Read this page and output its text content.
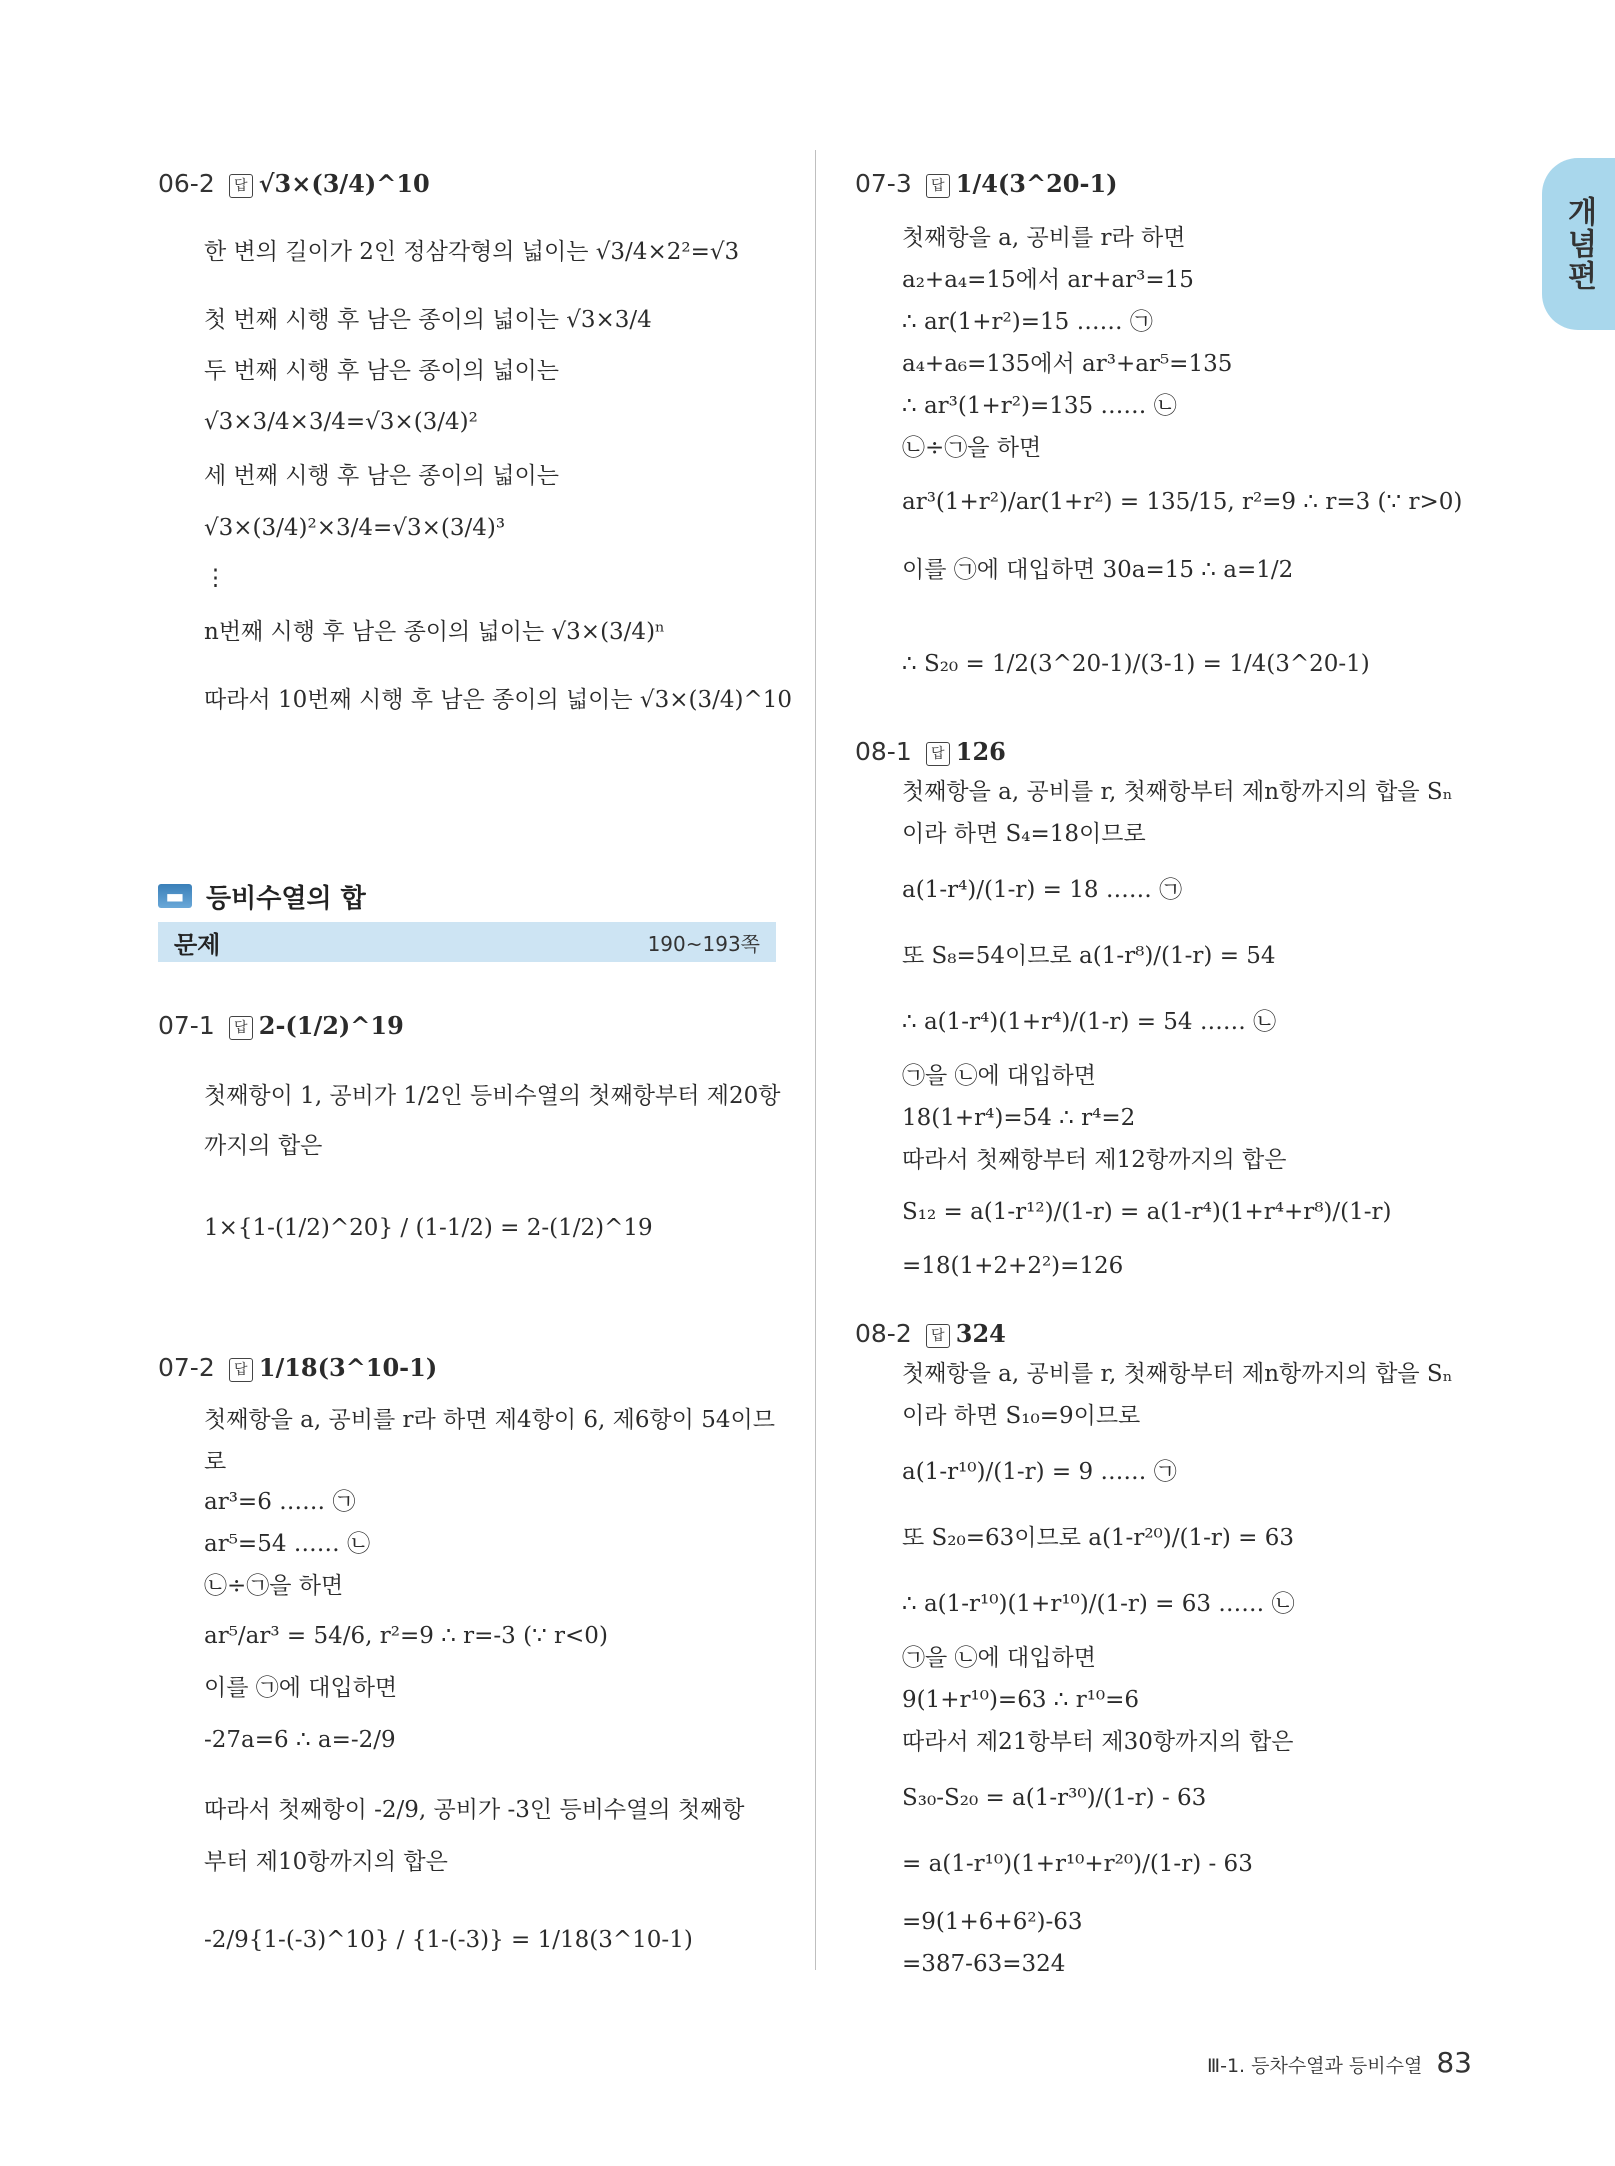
개념편
06-2 답 √3×(3/4)^10
한 변의 길이가 2인 정삼각형의 넓이는 √3/4×2²=√3
첫 번째 시행 후 남은 종이의 넓이는 √3×3/4
두 번째 시행 후 남은 종이의 넓이는
√3×3/4×3/4=√3×(3/4)²
세 번째 시행 후 남은 종이의 넓이는
√3×(3/4)²×3/4=√3×(3/4)³
⋮
n번째 시행 후 남은 종이의 넓이는 √3×(3/4)ⁿ
따라서 10번째 시행 후 남은 종이의 넓이는 √3×(3/4)^10
07-1 답 2-(1/2)^19
첫째항이 1, 공비가 1/2인 등비수열의 첫째항부터 제20항
까지의 합은
1×{1-(1/2)^20} / (1-1/2) = 2-(1/2)^19
07-2 답 1/18(3^10-1)
첫째항을 a, 공비를 r라 하면 제4항이 6, 제6항이 54이므
로
ar³=6 …… ㉠
ar⁵=54 …… ㉡
㉡÷㉠을 하면
ar⁵/ar³ = 54/6, r²=9 ∴ r=-3 (∵ r<0)
이를 ㉠에 대입하면
-27a=6 ∴ a=-2/9
따라서 첫째항이 -2/9, 공비가 -3인 등비수열의 첫째항
부터 제10항까지의 합은
-2/9{1-(-3)^10} / {1-(-3)} = 1/18(3^10-1)
07-3 답 1/4(3^20-1)
첫째항을 a, 공비를 r라 하면
a₂+a₄=15에서 ar+ar³=15
∴ ar(1+r²)=15 …… ㉠
a₄+a₆=135에서 ar³+ar⁵=135
∴ ar³(1+r²)=135 …… ㉡
㉡÷㉠을 하면
ar³(1+r²)/ar(1+r²) = 135/15, r²=9 ∴ r=3 (∵ r>0)
이를 ㉠에 대입하면 30a=15 ∴ a=1/2
∴ S₂₀ = 1/2(3^20-1)/(3-1) = 1/4(3^20-1)
08-1 답 126
첫째항을 a, 공비를 r, 첫째항부터 제n항까지의 합을 Sₙ
이라 하면 S₄=18이므로
a(1-r⁴)/(1-r) = 18 …… ㉠
또 S₈=54이므로 a(1-r⁸)/(1-r) = 54
∴ a(1-r⁴)(1+r⁴)/(1-r) = 54 …… ㉡
㉠을 ㉡에 대입하면
18(1+r⁴)=54 ∴ r⁴=2
따라서 첫째항부터 제12항까지의 합은
S₁₂ = a(1-r¹²)/(1-r) = a(1-r⁴)(1+r⁴+r⁸)/(1-r)
=18(1+2+2²)=126
08-2 답 324
첫째항을 a, 공비를 r, 첫째항부터 제n항까지의 합을 Sₙ
이라 하면 S₁₀=9이므로
a(1-r¹⁰)/(1-r) = 9 …… ㉠
또 S₂₀=63이므로 a(1-r²⁰)/(1-r) = 63
∴ a(1-r¹⁰)(1+r¹⁰)/(1-r) = 63 …… ㉡
㉠을 ㉡에 대입하면
9(1+r¹⁰)=63 ∴ r¹⁰=6
따라서 제21항부터 제30항까지의 합은
S₃₀-S₂₀ = a(1-r³⁰)/(1-r) - 63
= a(1-r¹⁰)(1+r¹⁰+r²⁰)/(1-r) - 63
=9(1+6+6²)-63
=387-63=324
▬ 등비수열의 합
문제	190~193쪽
Ⅲ-1. 등차수열과 등비수열 83
